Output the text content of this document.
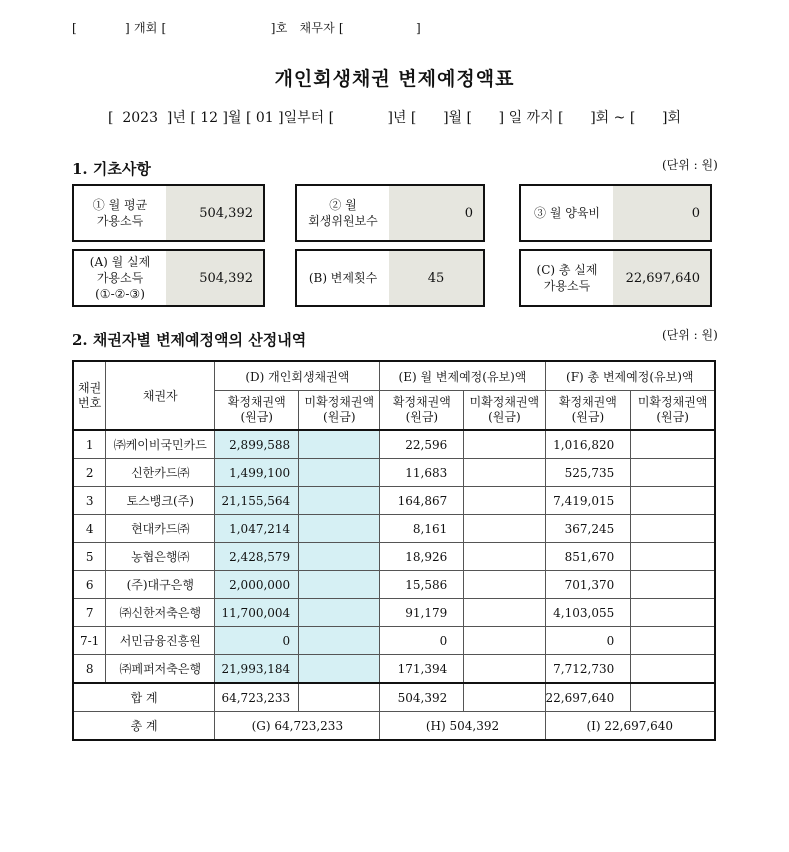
[            ] 개회 [                          ]호   채무자 [                  ]
개인회생채권 변제예정액표
[  2023  ]년 [ 12 ]월 [ 01 ]일부터 [            ]년 [      ]월 [      ] 일 까지 [      ]회 ~ [      ]회
1. 기초사항	(단위 : 원)
① 월 평균
가용소득
504,392
② 월
회생위원보수
0	③ 월 양육비	0
(A) 월 실제
가용소득
(①-②-③)
504,392	(B) 변제횟수	45
(C) 총 실제
가용소득
22,697,640
2. 채권자별 변제예정액의 산정내역	(단위 : 원)
채권
번호	채권자	(D) 개인회생채권액		(E) 월 변제예정(유보)액		(F) 총 변제예정(유보)액	
		확정채권액
(원금)	미확정채권액
(원금)	확정채권액
(원금)	미확정채권액
(원금)	확정채권액
(원금)	미확정채권액
(원금)
1	㈜케이비국민카드	2,899,588		22,596		1,016,820	
2	신한카드㈜	1,499,100		11,683		525,735	
3	토스뱅크(주)	21,155,564		164,867		7,419,015	
4	현대카드㈜	1,047,214		8,161		367,245	
5	농협은행㈜	2,428,579		18,926		851,670	
6	(주)대구은행	2,000,000		15,586		701,370	
7	㈜신한저축은행	11,700,004		91,179		4,103,055	
7-1	서민금융진흥원	0		0		0	
8	㈜페퍼저축은행	21,993,184		171,394		7,712,730	
합 계		64,723,233		504,392		22,697,640	
총 계		(G) 64,723,233		(H) 504,392		(I) 22,697,640	
